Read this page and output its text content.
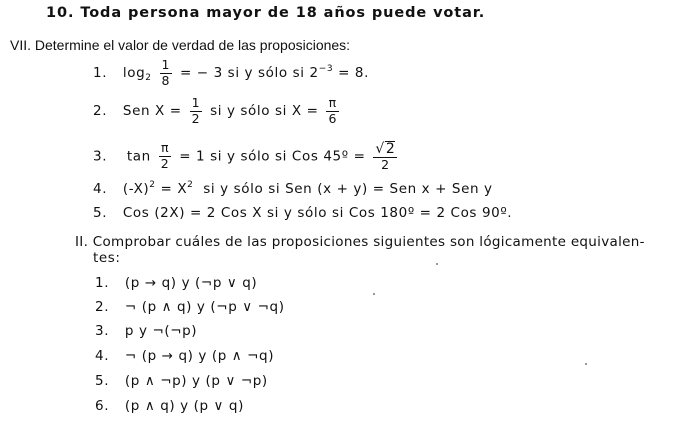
10. Toda persona mayor de 18 años puede votar.
VII. Determine el valor de verdad de las proposiciones:
1. $\log_2 \frac{1}{8}$ = − 3 si y sólo si $2^{-3} = 8$.
2. Sen $X = \frac{1}{2}$ si y sólo si $X = \frac{\pi}{6}$
3. $\tan \frac{\pi}{2} = 1$ si y sólo si Cos 45º = $\frac{√2}{2}$
4. $(-X)^2 = X^2$  si y sólo si Sen (x + y) = Sen x + Sen y
5. Cos (2X) = 2 Cos X si y sólo si Cos 180º = 2 Cos 90º.
II. Comprobar cuáles de las proposiciones siguientes son lógicamente equivalen-
tes:
1. (p → q) y (¬p ∨ q)
2. ¬ (p ∧ q) y (¬p ∨ ¬q)
3. p y ¬(¬p)
4. ¬ (p → q) y (p ∧ ¬q)
5. (p ∧ ¬p) y (p ∨ ¬p)
6. (p ∧ q) y (p ∨ q)
